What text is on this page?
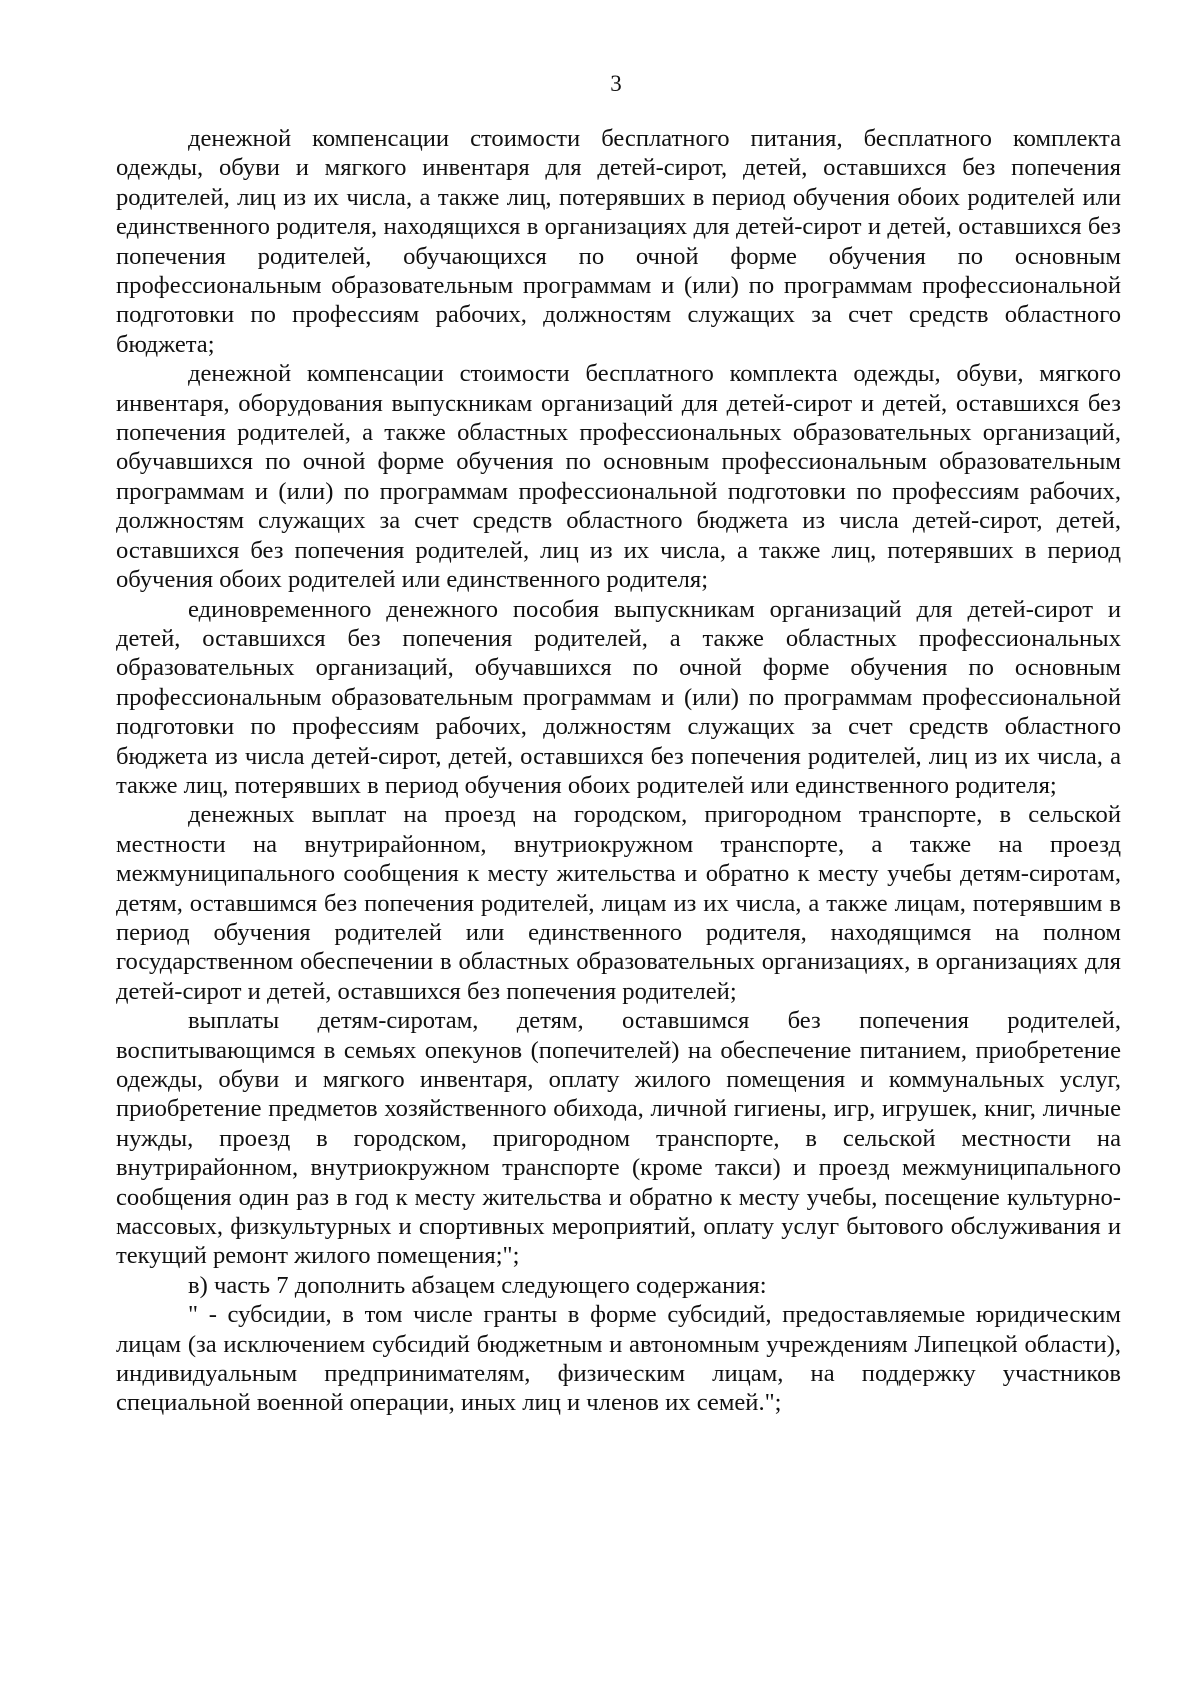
3

денежной компенсации стоимости бесплатного питания, бесплатного комплекта одежды, обуви и мягкого инвентаря для детей-сирот, детей, оставшихся без попечения родителей, лиц из их числа, а также лиц, потерявших в период обучения обоих родителей или единственного родителя, находящихся в организациях для детей-сирот и детей, оставшихся без попечения родителей, обучающихся по очной форме обучения по основным профессиональным образовательным программам и (или) по программам профессиональной подготовки по профессиям рабочих, должностям служащих за счет средств областного бюджета;

денежной компенсации стоимости бесплатного комплекта одежды, обуви, мягкого инвентаря, оборудования выпускникам организаций для детей-сирот и детей, оставшихся без попечения родителей, а также областных профессиональных образовательных организаций, обучавшихся по очной форме обучения по основным профессиональным образовательным программам и (или) по программам профессиональной подготовки по профессиям рабочих, должностям служащих за счет средств областного бюджета из числа детей-сирот, детей, оставшихся без попечения родителей, лиц из их числа, а также лиц, потерявших в период обучения обоих родителей или единственного родителя;

единовременного денежного пособия выпускникам организаций для детей-сирот и детей, оставшихся без попечения родителей, а также областных профессиональных образовательных организаций, обучавшихся по очной форме обучения по основным профессиональным образовательным программам и (или) по программам профессиональной подготовки по профессиям рабочих, должностям служащих за счет средств областного бюджета из числа детей-сирот, детей, оставшихся без попечения родителей, лиц из их числа, а также лиц, потерявших в период обучения обоих родителей или единственного родителя;

денежных выплат на проезд на городском, пригородном транспорте, в сельской местности на внутрирайонном, внутриокружном транспорте, а также на проезд межмуниципального сообщения к месту жительства и обратно к месту учебы детям-сиротам, детям, оставшимся без попечения родителей, лицам из их числа, а также лицам, потерявшим в период обучения родителей или единственного родителя, находящимся на полном государственном обеспечении в областных образовательных организациях, в организациях для детей-сирот и детей, оставшихся без попечения родителей;

выплаты детям-сиротам, детям, оставшимся без попечения родителей, воспитывающимся в семьях опекунов (попечителей) на обеспечение питанием, приобретение одежды, обуви и мягкого инвентаря, оплату жилого помещения и коммунальных услуг, приобретение предметов хозяйственного обихода, личной гигиены, игр, игрушек, книг, личные нужды, проезд в городском, пригородном транспорте, в сельской местности на внутрирайонном, внутриокружном транспорте (кроме такси) и проезд межмуниципального сообщения один раз в год к месту жительства и обратно к месту учебы, посещение культурно-массовых, физкультурных и спортивных мероприятий, оплату услуг бытового обслуживания и текущий ремонт жилого помещения;";

в) часть 7 дополнить абзацем следующего содержания:

" - субсидии, в том числе гранты в форме субсидий, предоставляемые юридическим лицам (за исключением субсидий бюджетным и автономным учреждениям Липецкой области), индивидуальным предпринимателям, физическим лицам, на поддержку участников специальной военной операции, иных лиц и членов их семей.";
